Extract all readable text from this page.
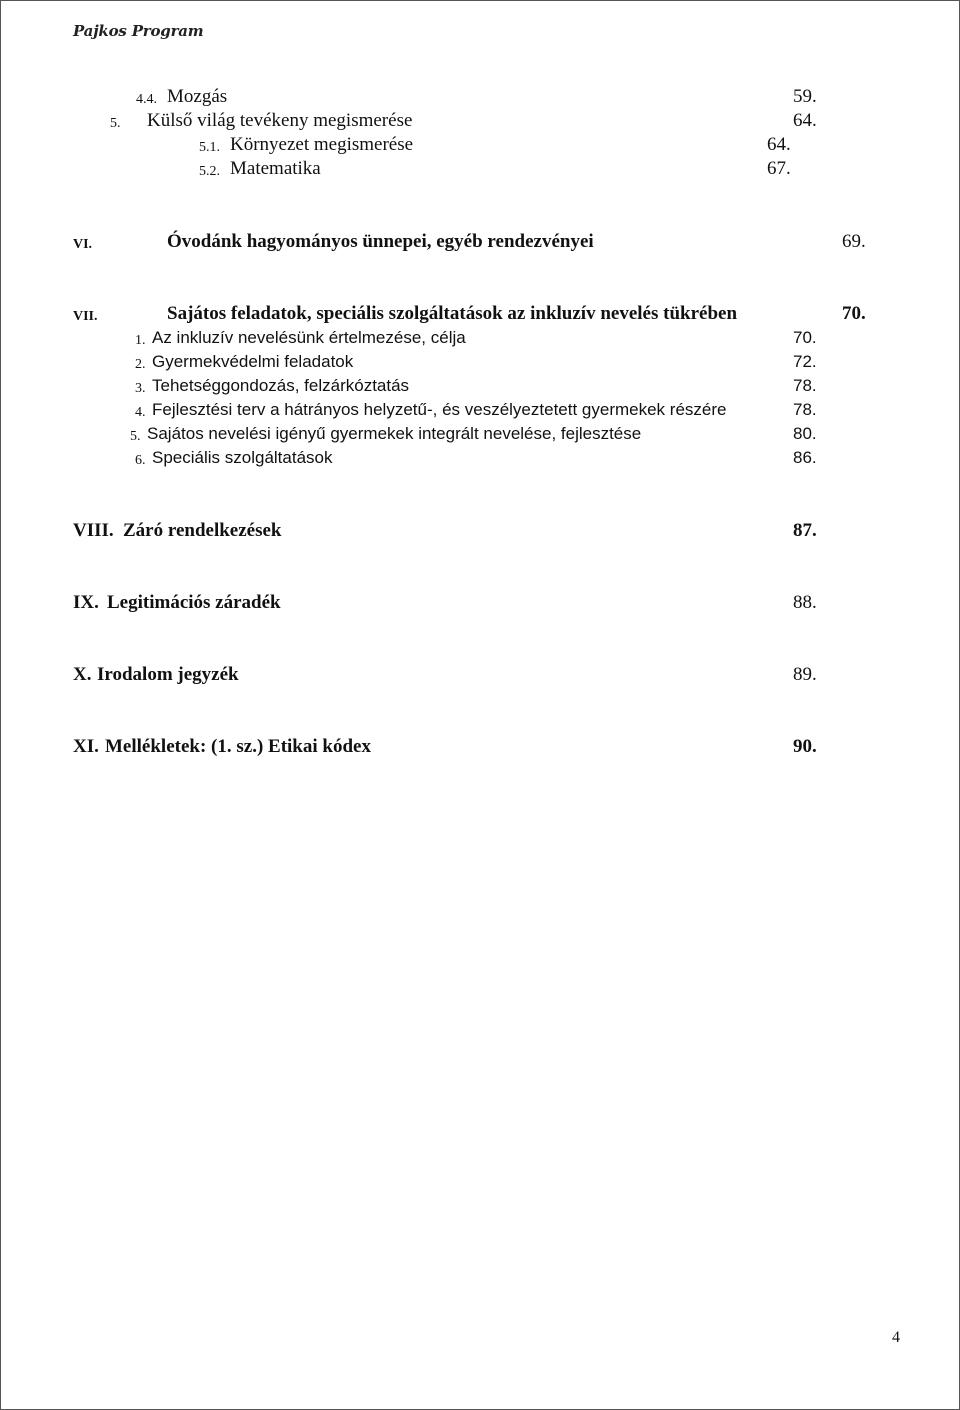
Pajkos Program
4.4. Mozgás	59.
5. Külső világ tevékeny megismerése	64.
5.1. Környezet megismerése	64.
5.2. Matematika	67.
VI.	Óvodánk hagyományos ünnepei, egyéb rendezvényei	69.
VII.	Sajátos feladatok, speciális szolgáltatások az inkluzív nevelés tükrében	70.
1. Az inkluzív nevelésünk értelmezése, célja	70.
2. Gyermekvédelmi feladatok	72.
3. Tehetséggondozás, felzárkóztatás	78.
4. Fejlesztési terv a hátrányos helyzetű-, és veszélyeztetett gyermekek részére	78.
5. Sajátos nevelési igényű gyermekek integrált nevelése, fejlesztése	80.
6. Speciális szolgáltatások	86.
VIII. Záró rendelkezések	87.
IX. Legitimációs záradék	88.
X. Irodalom jegyzék	89.
XI. Mellékletek: (1. sz.) Etikai kódex	90.
4
